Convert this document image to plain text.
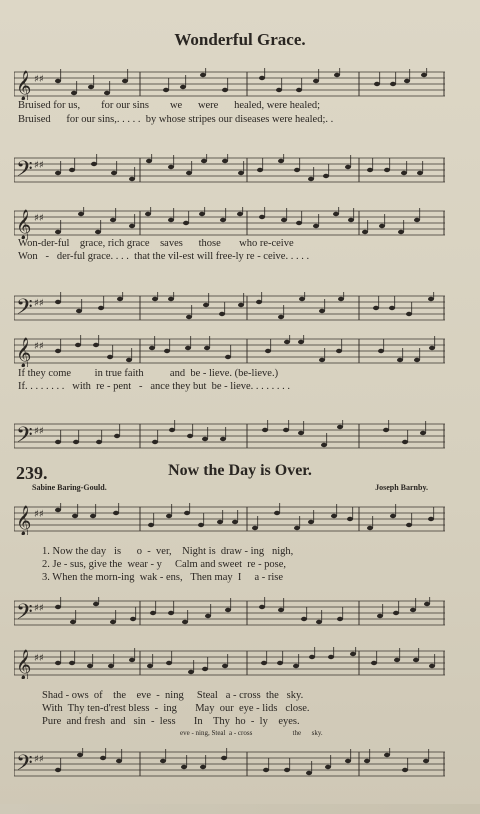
Wonderful Grace.
𝄞 ♯♯
Bruised for us,        for our sins        we      were      healed, were healed;
Bruised      for our sins,. . . . .  by whose stripes our diseases were healed;. .
𝄢 ♯♯
𝄞 ♯♯
Won-der-ful    grace, rich grace    saves      those       who re-ceive
Won   -   der-ful grace. . . .  that the vil-est will free-ly re - ceive. . . . .
𝄢 ♯♯
𝄞 ♯♯
If they come         in true faith          and  be - lieve. (be-lieve.)
If. . . . . . . .   with  re - pent   -   ance they but  be - lieve. . . . . . . .
𝄢 ♯♯
239.	Now the Day is Over.
Sabine Baring-Gould.	Joseph Barnby.
𝄞 ♯♯
1. Now the day   is      o  -  ver,    Night is  draw - ing   nigh,
2. Je - sus, give the  wear - y     Calm and sweet  re - pose,
3. When the morn-ing  wak - ens,   Then may  I     a - rise
𝄢 ♯♯
𝄞 ♯♯
Shad - ows  of    the    eve  -  ning     Steal   a - cross  the   sky.
With  Thy ten-d'rest bless  -  ing       May  our  eye - lids   close.
Pure  and fresh  and   sin  -  less       In    Thy  ho  -  ly    eyes.
eve - ning, Steal  a - cross                       the      sky.
𝄢 ♯♯
